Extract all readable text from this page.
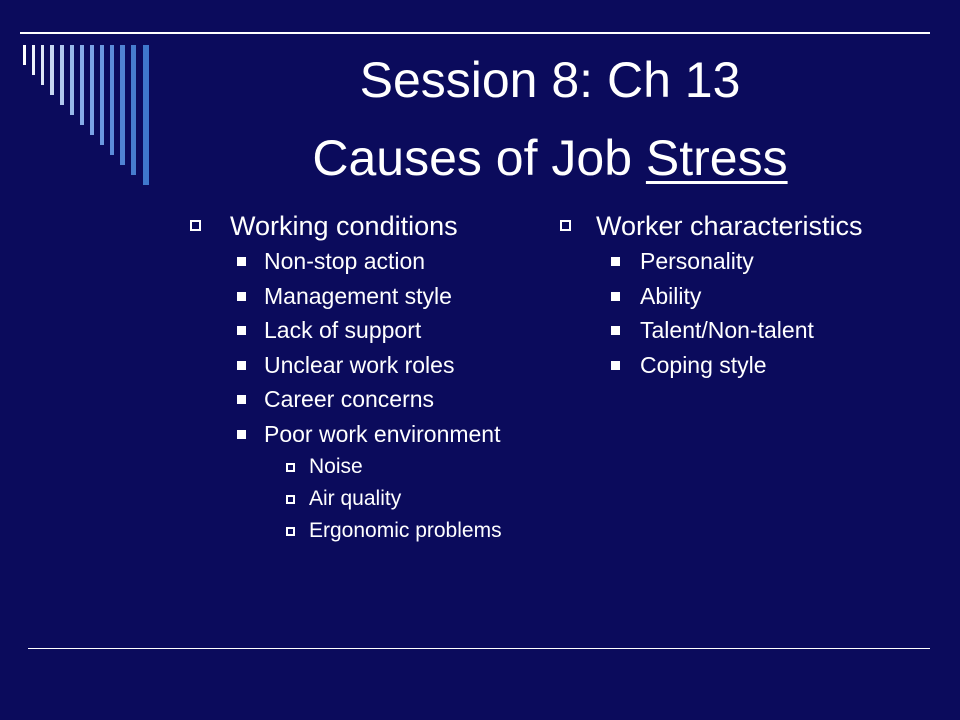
Session 8: Ch 13
Causes of Job Stress
Working conditions
Non-stop action
Management style
Lack of support
Unclear work roles
Career concerns
Poor work environment
Noise
Air quality
Ergonomic problems
Worker characteristics
Personality
Ability
Talent/Non-talent
Coping style
